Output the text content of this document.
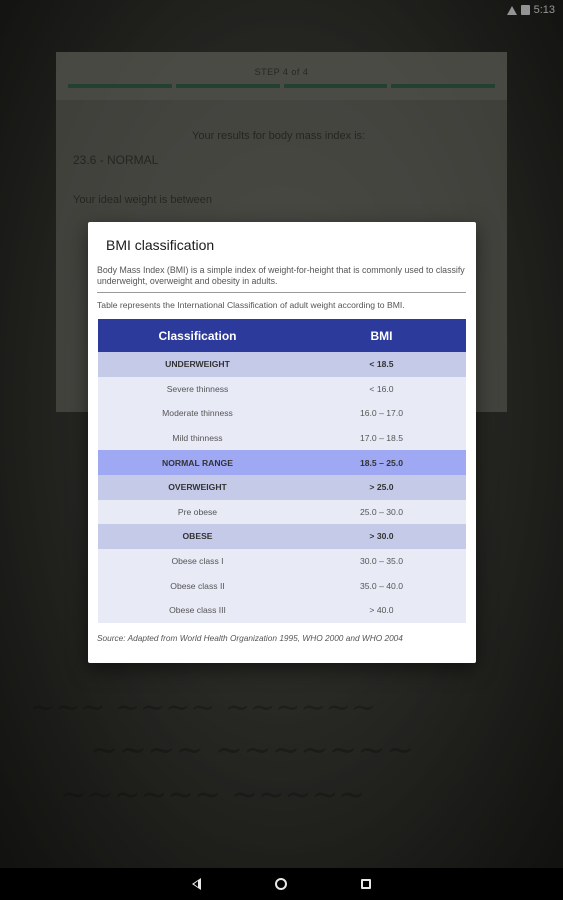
~~~ ~~~~ ~~~~~~
~~~~ ~~~~~~~
~~~~~~ ~~~~~
STEP 4 of 4
Your results for body mass index is:
23.6 - NORMAL
Your ideal weight is between
5:13
BMI classification
Body Mass Index (BMI) is a simple index of weight-for-height that is commonly used to classify underweight, overweight and obesity in adults.
Table represents the International Classification of adult weight according to BMI.
Classification	BMI
UNDERWEIGHT	< 18.5
Severe thinness	< 16.0
Moderate thinness	16.0 – 17.0
Mild thinness	17.0 – 18.5
NORMAL RANGE	18.5 – 25.0
OVERWEIGHT	> 25.0
Pre obese	25.0 – 30.0
OBESE	> 30.0
Obese class I	30.0 – 35.0
Obese class II	35.0 – 40.0
Obese class III	> 40.0
Source: Adapted from World Health Organization 1995, WHO 2000 and WHO 2004
